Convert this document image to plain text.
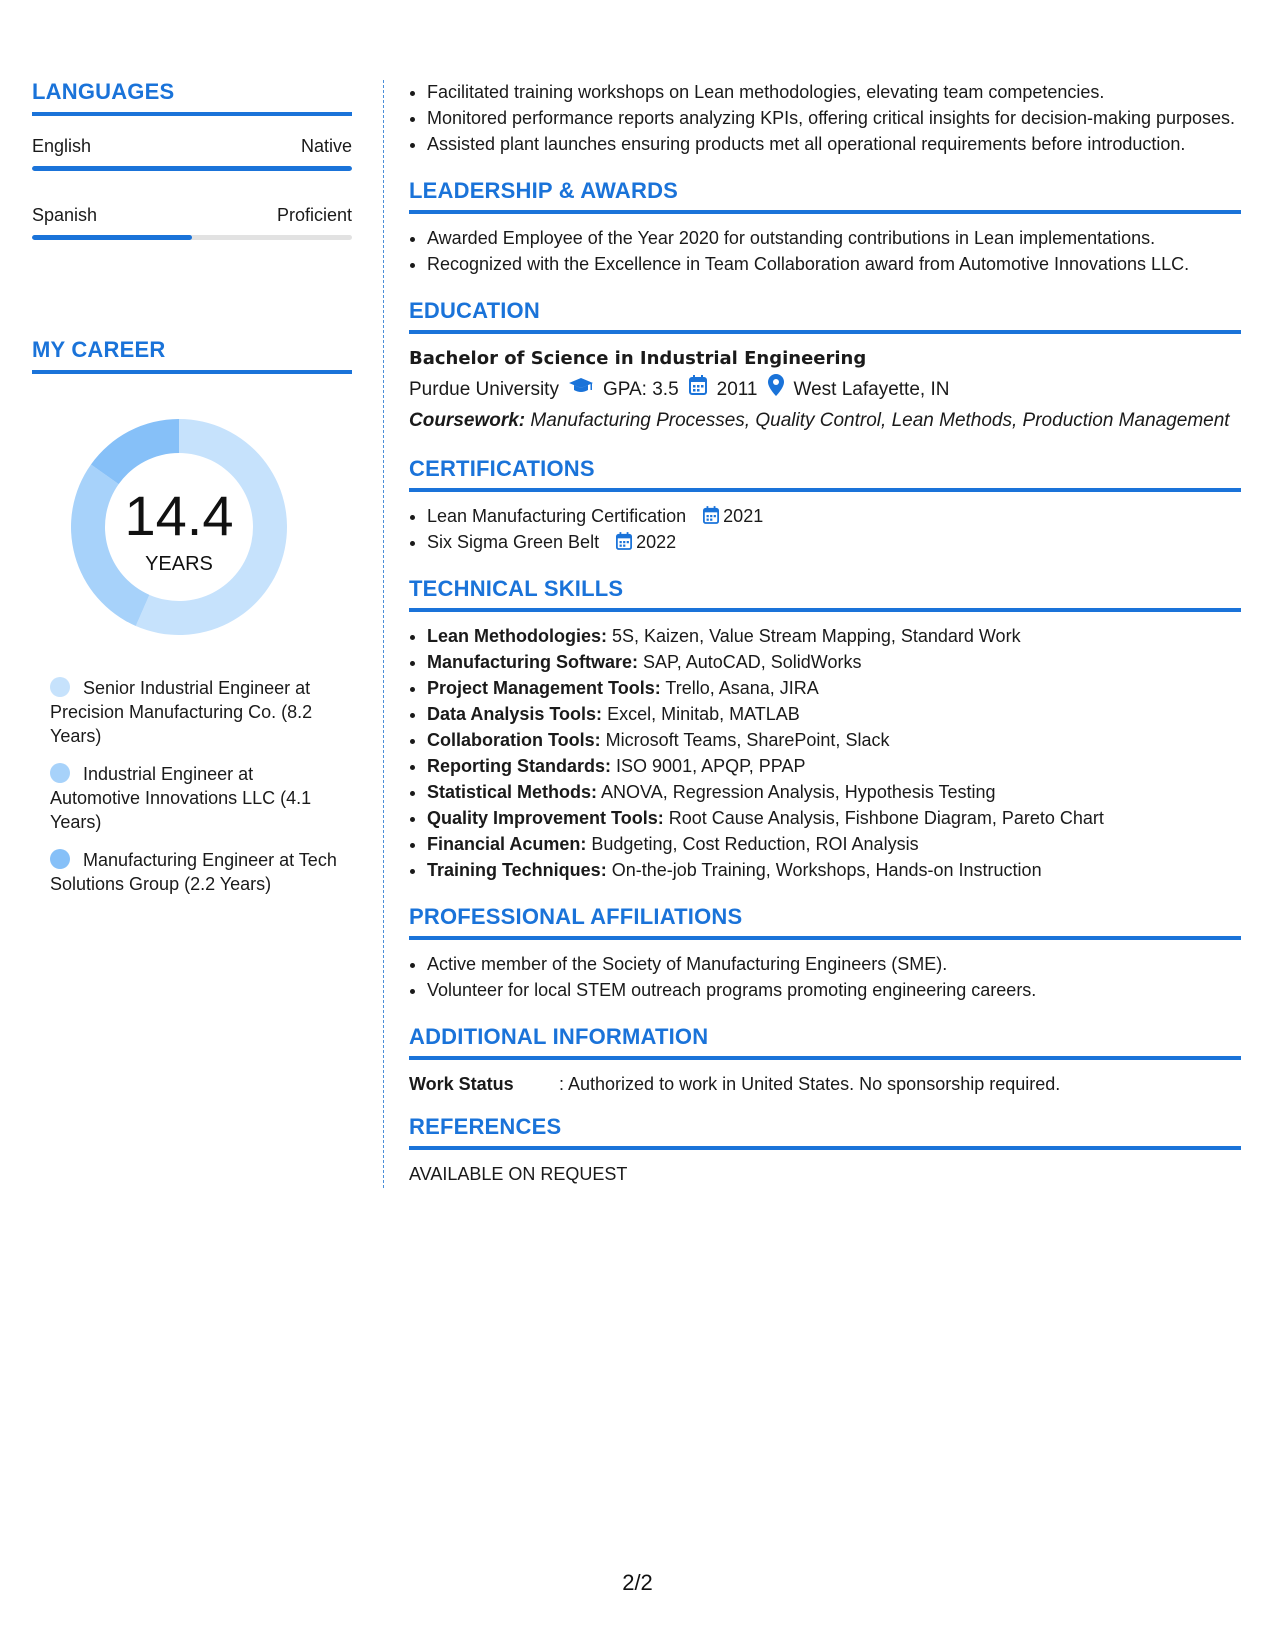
LANGUAGES
English	Native
Spanish	Proficient
MY CAREER
14.4
YEARS
Senior Industrial Engineer at Precision Manufacturing Co. (8.2 Years)
Industrial Engineer at Automotive Innovations LLC (4.1 Years)
Manufacturing Engineer at Tech Solutions Group (2.2 Years)
• Facilitated training workshops on Lean methodologies, elevating team competencies.
• Monitored performance reports analyzing KPIs, offering critical insights for decision-making purposes.
• Assisted plant launches ensuring products met all operational requirements before introduction.
LEADERSHIP & AWARDS
• Awarded Employee of the Year 2020 for outstanding contributions in Lean implementations.
• Recognized with the Excellence in Team Collaboration award from Automotive Innovations LLC.
EDUCATION
Bachelor of Science in Industrial Engineering
Purdue University GPA: 3.5 2011 West Lafayette, IN
Coursework: Manufacturing Processes, Quality Control, Lean Methods, Production Management
CERTIFICATIONS
• Lean Manufacturing Certification 2021
• Six Sigma Green Belt 2022
TECHNICAL SKILLS
• Lean Methodologies: 5S, Kaizen, Value Stream Mapping, Standard Work
• Manufacturing Software: SAP, AutoCAD, SolidWorks
• Project Management Tools: Trello, Asana, JIRA
• Data Analysis Tools: Excel, Minitab, MATLAB
• Collaboration Tools: Microsoft Teams, SharePoint, Slack
• Reporting Standards: ISO 9001, APQP, PPAP
• Statistical Methods: ANOVA, Regression Analysis, Hypothesis Testing
• Quality Improvement Tools: Root Cause Analysis, Fishbone Diagram, Pareto Chart
• Financial Acumen: Budgeting, Cost Reduction, ROI Analysis
• Training Techniques: On-the-job Training, Workshops, Hands-on Instruction
PROFESSIONAL AFFILIATIONS
• Active member of the Society of Manufacturing Engineers (SME).
• Volunteer for local STEM outreach programs promoting engineering careers.
ADDITIONAL INFORMATION
Work Status	: Authorized to work in United States. No sponsorship required.
REFERENCES
AVAILABLE ON REQUEST
2/2
